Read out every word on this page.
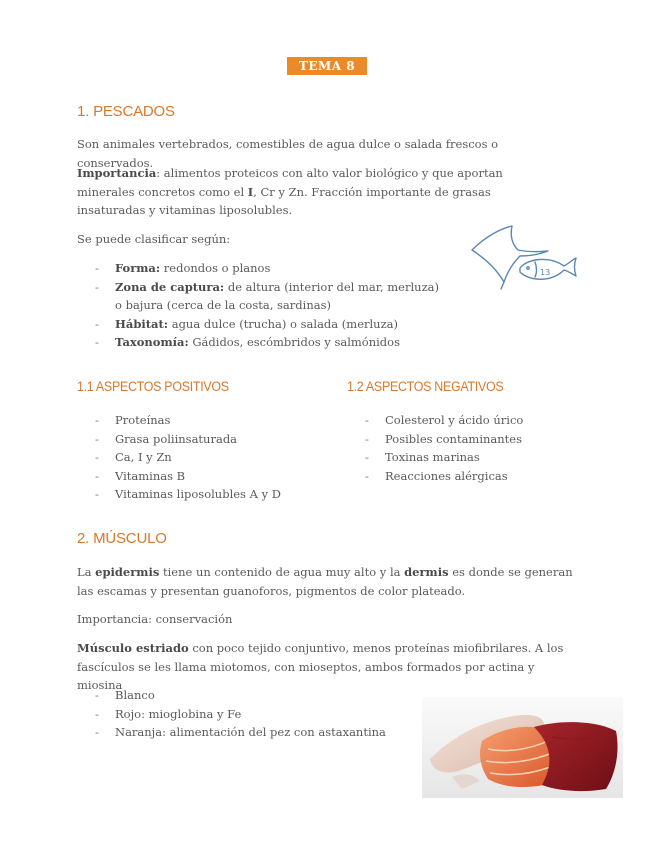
TEMA 8
1. PESCADOS

Son animales vertebrados, comestibles de agua dulce o salada frescos o conservados.

Importancia: alimentos proteicos con alto valor biológico y que aportan minerales concretos como el I, Cr y Zn. Fracción importante de grasas insaturadas y vitaminas liposolubles.

Se puede clasificar según:

13
- Forma: redondos o planos
- Zona de captura: de altura (interior del mar, merluza) o bajura (cerca de la costa, sardinas)
- Hábitat: agua dulce (trucha) o salada (merluza)
- Taxonomía: Gádidos, escómbridos y salmónidos
1.1 ASPECTOS POSITIVOS	1.2 ASPECTOS NEGATIVOS
- Proteínas
- Grasa poliinsaturada
- Ca, I y Zn
- Vitaminas B
- Vitaminas liposolubles A y D
- Colesterol y ácido úrico
- Posibles contaminantes
- Toxinas marinas
- Reacciones alérgicas
2. MÚSCULO

La epidermis tiene un contenido de agua muy alto y la dermis es donde se generan las escamas y presentan guanoforos, pigmentos de color plateado.

Importancia: conservación

Músculo estriado con poco tejido conjuntivo, menos proteínas miofibrilares. A los fascículos se les llama miotomos, con mioseptos, ambos formados por actina y miosina

- Blanco
- Rojo: mioglobina y Fe
- Naranja: alimentación del pez con astaxantina
